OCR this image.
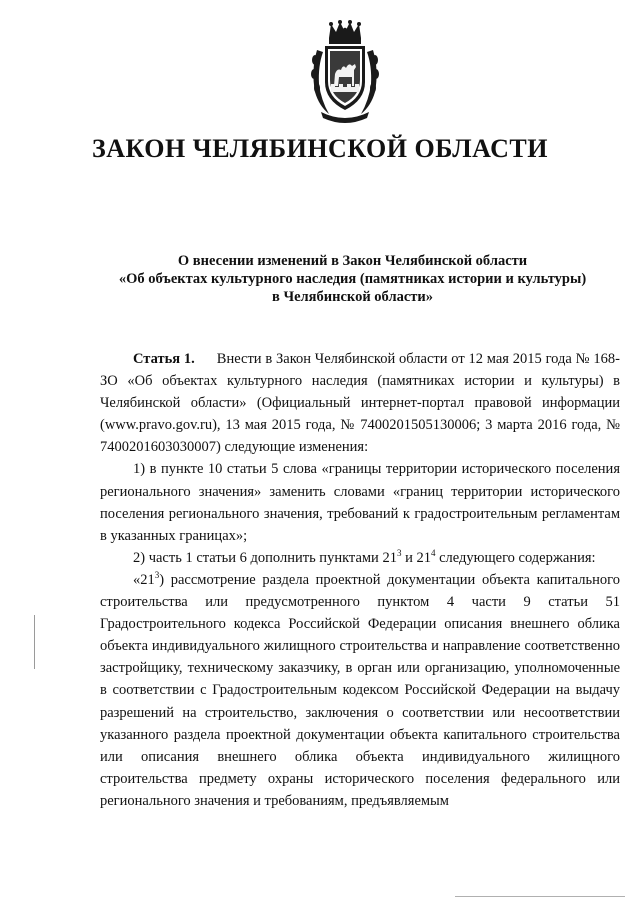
ЗАКОН ЧЕЛЯБИНСКОЙ ОБЛАСТИ
О внесении изменений в Закон Челябинской области
«Об объектах культурного наследия (памятниках истории и культуры)
в Челябинской области»

Статья 1. Внести в Закон Челябинской области от 12 мая 2015 года № 168-ЗО «Об объектах культурного наследия (памятниках истории и культуры) в Челябинской области» (Официальный интернет-портал правовой информации (www.pravo.gov.ru), 13 мая 2015 года, № 7400201505130006; 3 марта 2016 года, № 7400201603030007) следующие изменения:

1) в пункте 10 статьи 5 слова «границы территории исторического поселения регионального значения» заменить словами «границ территории исторического поселения регионального значения, требований к градостроительным регламентам в указанных границах»;

2) часть 1 статьи 6 дополнить пунктами $21^3$ и $21^4$ следующего содержания:

«$21^3$) рассмотрение раздела проектной документации объекта капитального строительства или предусмотренного пунктом 4 части 9 статьи 51 Градостроительного кодекса Российской Федерации описания внешнего облика объекта индивидуального жилищного строительства и направление соответственно застройщику, техническому заказчику, в орган или организацию, уполномоченные в соответствии с Градостроительным кодексом Российской Федерации на выдачу разрешений на строительство, заключения о соответствии или несоответствии указанного раздела проектной документации объекта капитального строительства или описания внешнего облика объекта индивидуального жилищного строительства предмету охраны исторического поселения федерального или регионального значения и требованиям, предъявляемым
